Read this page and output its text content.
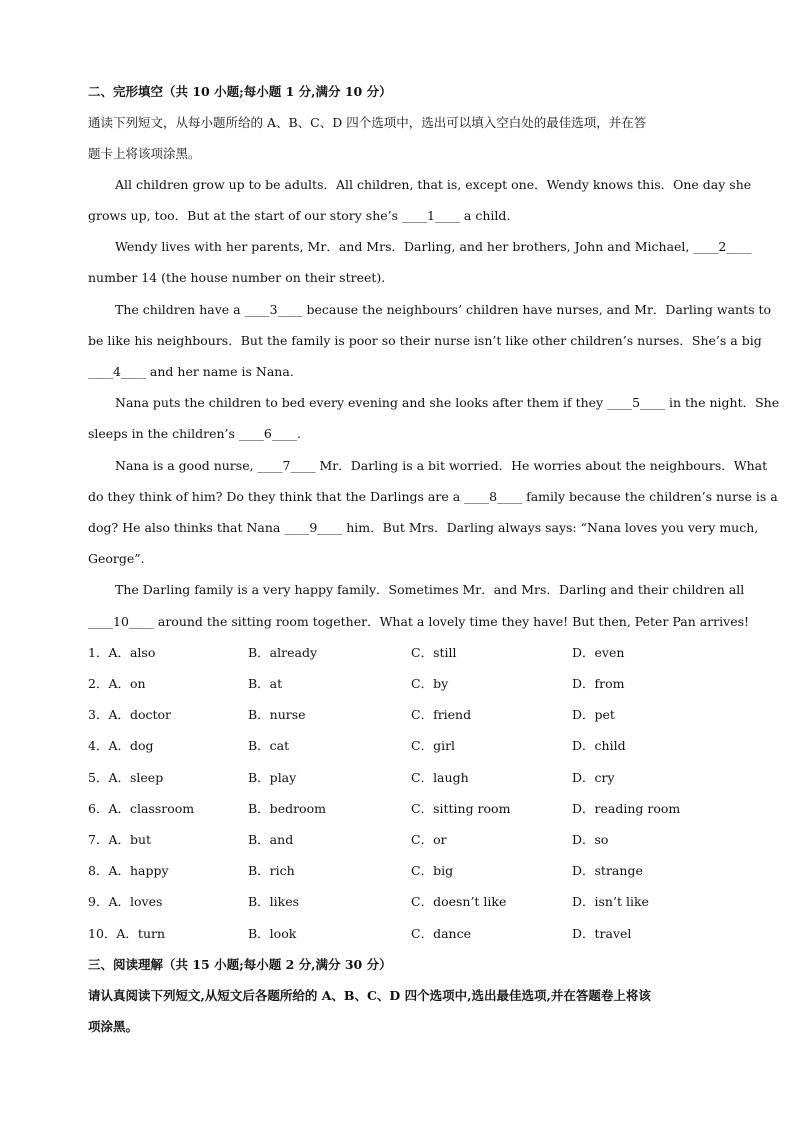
二、完形填空（共 10 小题;每小题 1 分,满分 10 分）
通读下列短文，从每小题所给的 A、B、C、D 四个选项中，选出可以填入空白处的最佳选项，并在答
题卡上将该项涂黑。
All children grow up to be adults．All children, that is, except one．Wendy knows this．One day she
grows up, too．But at the start of our story she’s ____1____ a child.
Wendy lives with her parents, Mr．and Mrs．Darling, and her brothers, John and Michael, ____2____
number 14 (the house number on their street).
The children have a ____3____ because the neighbours’ children have nurses, and Mr．Darling wants to
be like his neighbours．But the family is poor so their nurse isn’t like other children’s nurses．She’s a big
____4____ and her name is Nana.
Nana puts the children to bed every evening and she looks after them if they ____5____ in the night．She
sleeps in the children’s ____6____.
Nana is a good nurse, ____7____ Mr．Darling is a bit worried．He worries about the neighbours．What
do they think of him? Do they think that the Darlings are a ____8____ family because the children’s nurse is a
dog? He also thinks that Nana ____9____ him．But Mrs．Darling always says: “Nana loves you very much,
George”.
The Darling family is a very happy family．Sometimes Mr．and Mrs．Darling and their children all
____10____ around the sitting room together．What a lovely time they have! But then, Peter Pan arrives!
1．A．also	B．already	C．still	D．even
2．A．on	B．at	C．by	D．from
3．A．doctor	B．nurse	C．friend	D．pet
4．A．dog	B．cat	C．girl	D．child
5．A．sleep	B．play	C．laugh	D．cry
6．A．classroom	B．bedroom	C．sitting room	D．reading room
7．A．but	B．and	C．or	D．so
8．A．happy	B．rich	C．big	D．strange
9．A．loves	B．likes	C．doesn’t like	D．isn’t like
10．A．turn	B．look	C．dance	D．travel
三、阅读理解（共 15 小题;每小题 2 分,满分 30 分）
请认真阅读下列短文,从短文后各题所给的 A、B、C、D 四个选项中,选出最佳选项,并在答题卷上将该
项涂黑。
